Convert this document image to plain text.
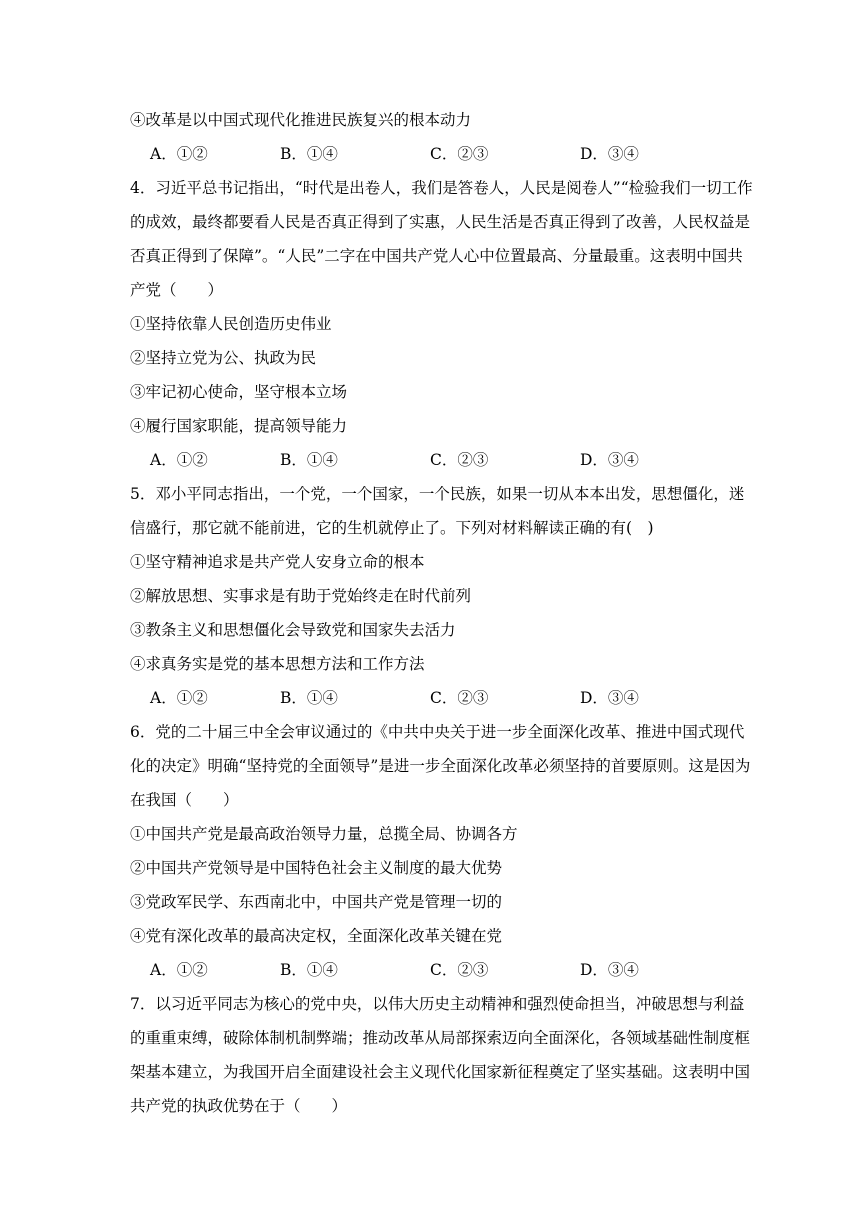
④改革是以中国式现代化推进民族复兴的根本动力
A．①②	B．①④	C．②③	D．③④
4．习近平总书记指出，“时代是出卷人，我们是答卷人，人民是阅卷人”“检验我们一切工作
的成效，最终都要看人民是否真正得到了实惠，人民生活是否真正得到了改善，人民权益是
否真正得到了保障”。“人民”二字在中国共产党人心中位置最高、分量最重。这表明中国共
产党（　　）
①坚持依靠人民创造历史伟业
②坚持立党为公、执政为民
③牢记初心使命，坚守根本立场
④履行国家职能，提高领导能力
A．①②	B．①④	C．②③	D．③④
5．邓小平同志指出，一个党，一个国家，一个民族，如果一切从本本出发，思想僵化，迷
信盛行，那它就不能前进，它的生机就停止了。下列对材料解读正确的有(　)
①坚守精神追求是共产党人安身立命的根本
②解放思想、实事求是有助于党始终走在时代前列
③教条主义和思想僵化会导致党和国家失去活力
④求真务实是党的基本思想方法和工作方法
A．①②	B．①④	C．②③	D．③④
6．党的二十届三中全会审议通过的《中共中央关于进一步全面深化改革、推进中国式现代
化的决定》明确“坚持党的全面领导”是进一步全面深化改革必须坚持的首要原则。这是因为
在我国（　　）
①中国共产党是最高政治领导力量，总揽全局、协调各方
②中国共产党领导是中国特色社会主义制度的最大优势
③党政军民学、东西南北中，中国共产党是管理一切的
④党有深化改革的最高决定权，全面深化改革关键在党
A．①②	B．①④	C．②③	D．③④
7．以习近平同志为核心的党中央，以伟大历史主动精神和强烈使命担当，冲破思想与利益
的重重束缚，破除体制机制弊端；推动改革从局部探索迈向全面深化，各领域基础性制度框
架基本建立，为我国开启全面建设社会主义现代化国家新征程奠定了坚实基础。这表明中国
共产党的执政优势在于（　　）
